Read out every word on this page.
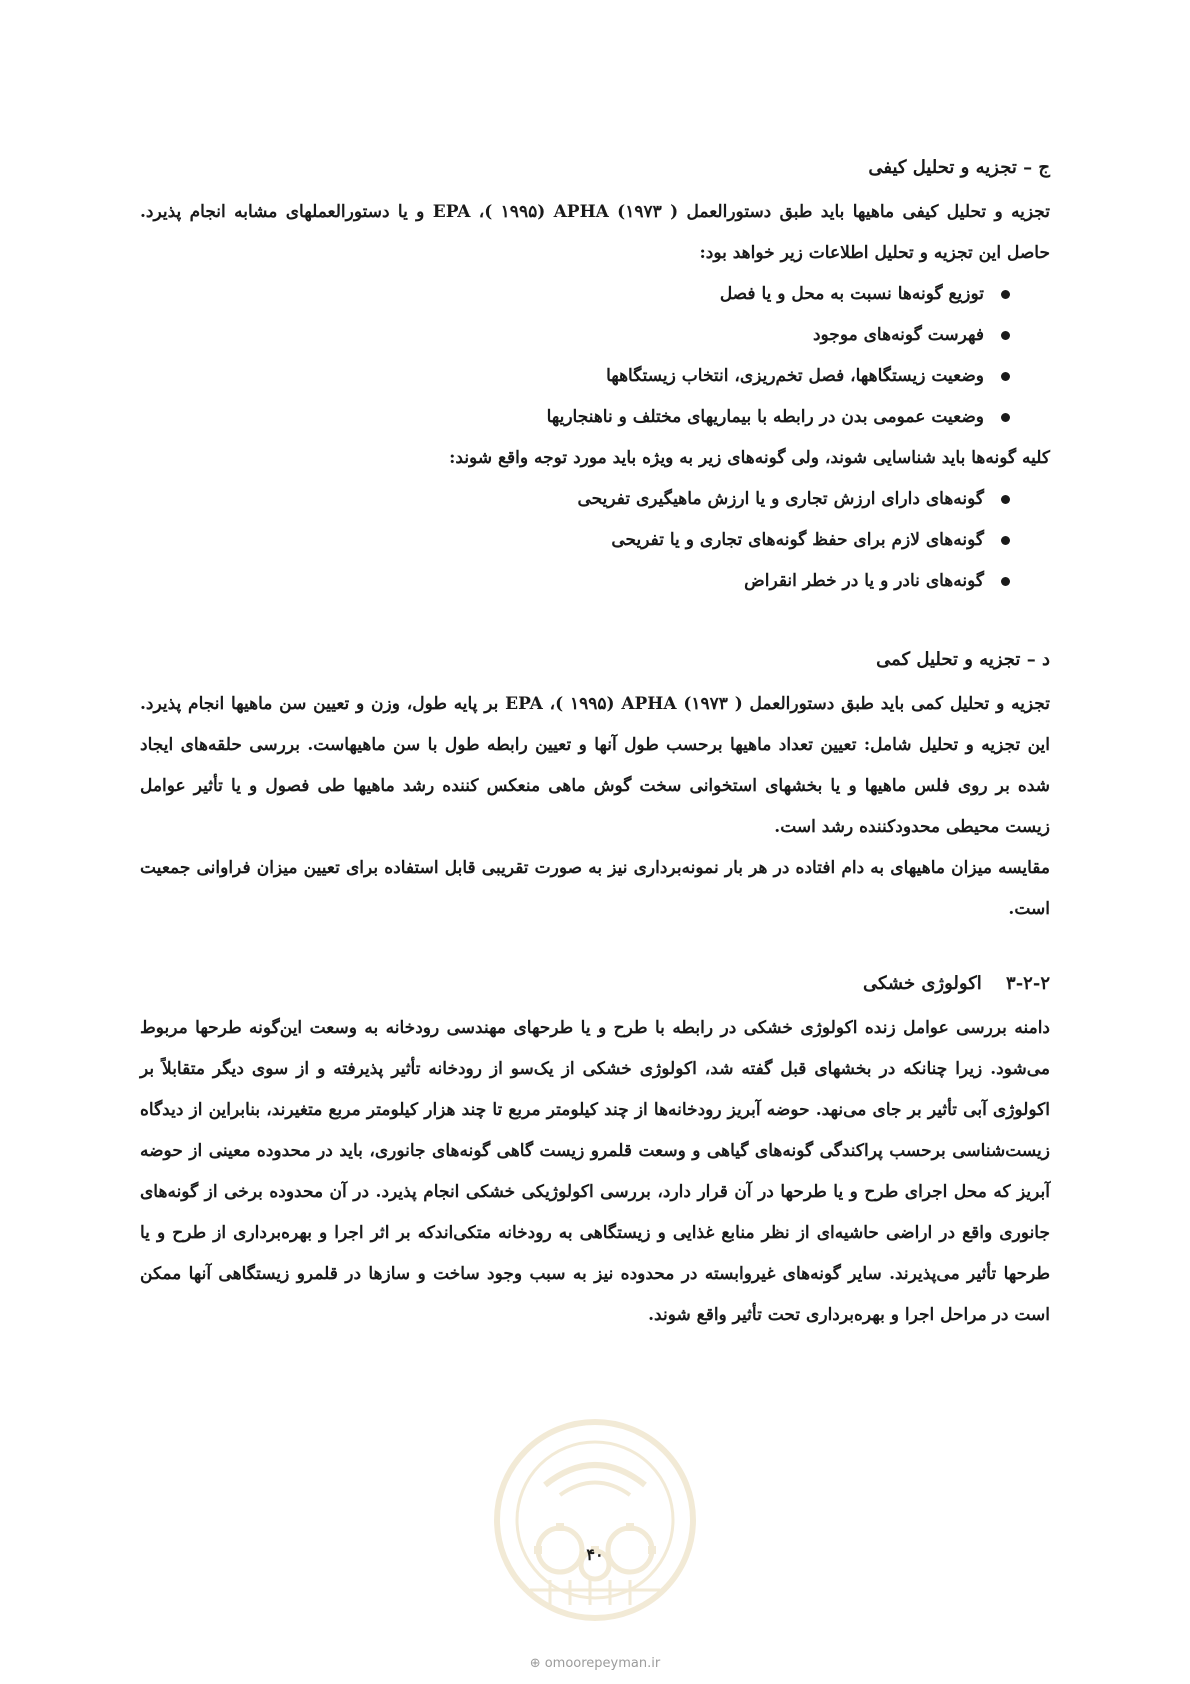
ج – تجزیه و تحلیل کیفی

تجزیه و تحلیل کیفی ماهیها باید طبق دستورالعمل ( ۱۹۷۳) EPA ،( ۱۹۹۵) APHA و یا دستورالعملهای مشابه انجام پذیرد. حاصل این تجزیه و تحلیل اطلاعات زیر خواهد بود:

توزیع گونه‌ها نسبت به محل و یا فصل
فهرست گونه‌های موجود
وضعیت زیستگاهها، فصل تخم‌ریزی، انتخاب زیستگاهها
وضعیت عمومی بدن در رابطه با بیماریهای مختلف و ناهنجاریها

کلیه گونه‌ها باید شناسایی شوند، ولی گونه‌های زیر به ویژه باید مورد توجه واقع شوند:

گونه‌های دارای ارزش تجاری و یا ارزش ماهیگیری تفریحی
گونه‌های لازم برای حفظ گونه‌های تجاری و یا تفریحی
گونه‌های نادر و یا در خطر انقراض
د – تجزیه و تحلیل کمی

تجزیه و تحلیل کمی باید طبق دستورالعمل ( ۱۹۷۳) EPA ،( ۱۹۹۵) APHA بر پایه طول، وزن و تعیین سن ماهیها انجام پذیرد. این تجزیه و تحلیل شامل: تعیین تعداد ماهیها برحسب طول آنها و تعیین رابطه طول با سن ماهیهاست. بررسی حلقه‌های ایجاد شده بر روی فلس ماهیها و یا بخشهای استخوانی سخت گوش ماهی منعکس کننده رشد ماهیها طی فصول و یا تأثیر عوامل زیست محیطی محدودکننده رشد است.

مقایسه میزان ماهیهای به دام افتاده در هر بار نمونه‌برداری نیز به صورت تقریبی قابل استفاده برای تعیین میزان فراوانی جمعیت است.

۳-۲-۲ اکولوژی خشکی

دامنه بررسی عوامل زنده اکولوژی خشکی در رابطه با طرح و یا طرحهای مهندسی رودخانه به وسعت این‌گونه طرحها مربوط می‌شود. زیرا چنانکه در بخشهای قبل گفته شد، اکولوژی خشکی از یک‌سو از رودخانه تأثیر پذیرفته و از سوی دیگر متقابلاً بر اکولوژی آبی تأثیر بر جای می‌نهد. حوضه آبریز رودخانه‌ها از چند کیلومتر مربع تا چند هزار کیلومتر مربع متغیرند، بنابراین از دیدگاه زیست‌شناسی برحسب پراکندگی گونه‌های گیاهی و وسعت قلمرو زیست گاهی گونه‌های جانوری، باید در محدوده معینی از حوضه آبریز که محل اجرای طرح و یا طرحها در آن قرار دارد، بررسی اکولوژیکی خشکی انجام پذیرد. در آن محدوده برخی از گونه‌های جانوری واقع در اراضی حاشیه‌ای از نظر منابع غذایی و زیستگاهی به رودخانه متکی‌اندکه بر اثر اجرا و بهره‌برداری از طرح و یا طرحها تأثیر می‌پذیرند. سایر گونه‌های غیروابسته در محدوده نیز به سبب وجود ساخت و سازها در قلمرو زیستگاهی آنها ممکن است در مراحل اجرا و بهره‌برداری تحت تأثیر واقع شوند.

۴۰
⊕ omoorepeyman.ir
